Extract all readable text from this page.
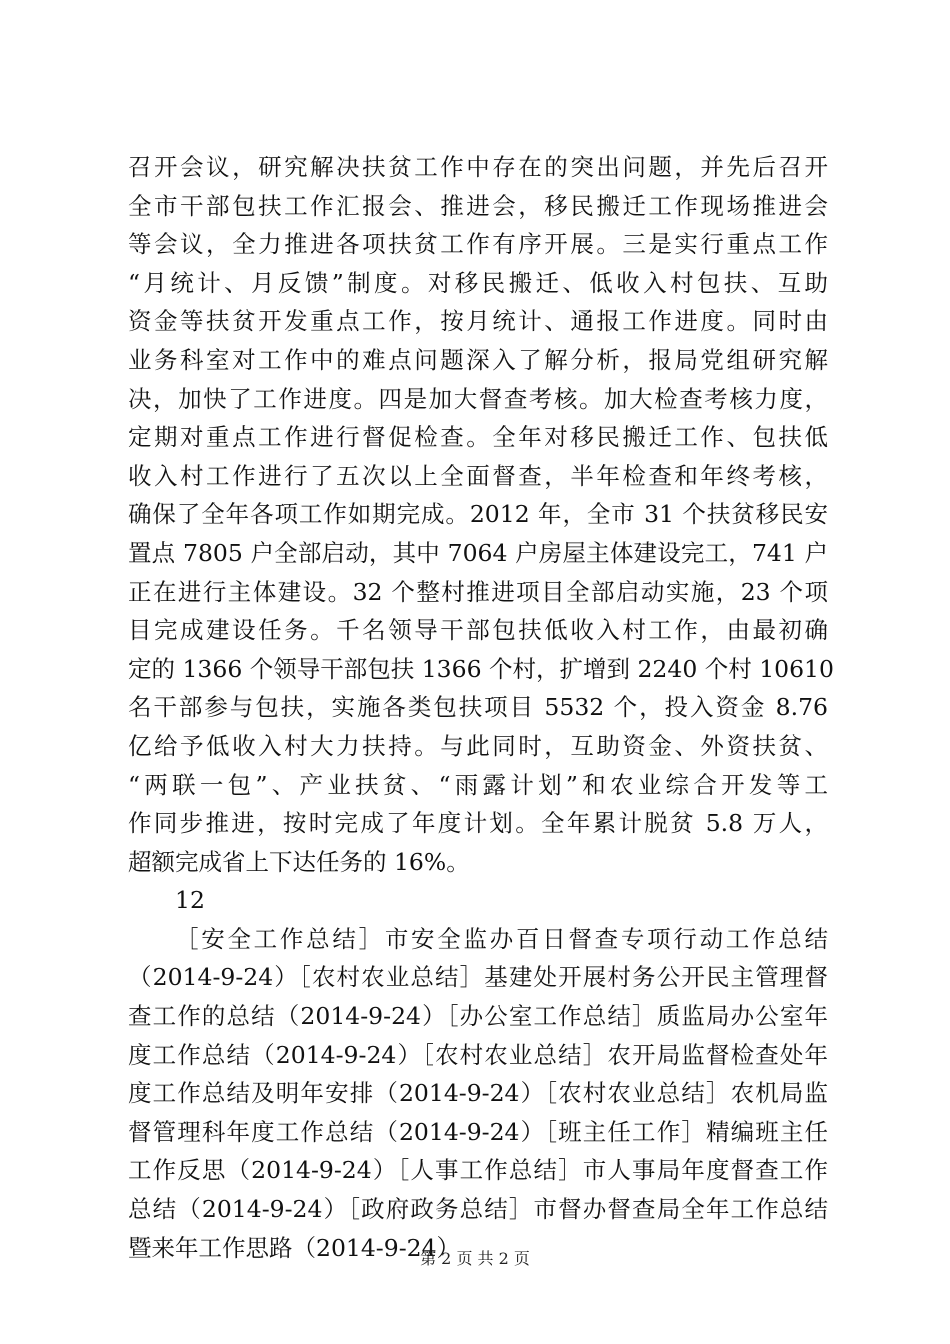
召开会议，研究解决扶贫工作中存在的突出问题，并先后召开
全市干部包扶工作汇报会、推进会，移民搬迁工作现场推进会
等会议，全力推进各项扶贫工作有序开展。三是实行重点工作
“月统计、月反馈”制度。对移民搬迁、低收入村包扶、互助
资金等扶贫开发重点工作，按月统计、通报工作进度。同时由
业务科室对工作中的难点问题深入了解分析，报局党组研究解
决，加快了工作进度。四是加大督查考核。加大检查考核力度，
定期对重点工作进行督促检查。全年对移民搬迁工作、包扶低
收入村工作进行了五次以上全面督查，半年检查和年终考核，
确保了全年各项工作如期完成。2012 年，全市 31 个扶贫移民安
置点 7805 户全部启动，其中 7064 户房屋主体建设完工，741 户
正在进行主体建设。32 个整村推进项目全部启动实施，23 个项
目完成建设任务。千名领导干部包扶低收入村工作，由最初确
定的 1366 个领导干部包扶 1366 个村，扩增到 2240 个村 10610
名干部参与包扶，实施各类包扶项目 5532 个，投入资金 8.76
亿给予低收入村大力扶持。与此同时，互助资金、外资扶贫、
“两联一包”、产业扶贫、“雨露计划”和农业综合开发等工
作同步推进，按时完成了年度计划。全年累计脱贫 5.8 万人，
超额完成省上下达任务的 16%。
12
［安全工作总结］市安全监办百日督查专项行动工作总结
（2014-9-24）［农村农业总结］基建处开展村务公开民主管理督
查工作的总结（2014-9-24）［办公室工作总结］质监局办公室年
度工作总结（2014-9-24）［农村农业总结］农开局监督检查处年
度工作总结及明年安排（2014-9-24）［农村农业总结］农机局监
督管理科年度工作总结（2014-9-24）［班主任工作］精编班主任
工作反思（2014-9-24）［人事工作总结］市人事局年度督查工作
总结（2014-9-24）［政府政务总结］市督办督查局全年工作总结
暨来年工作思路（2014-9-24）
第 2 页 共 2 页
